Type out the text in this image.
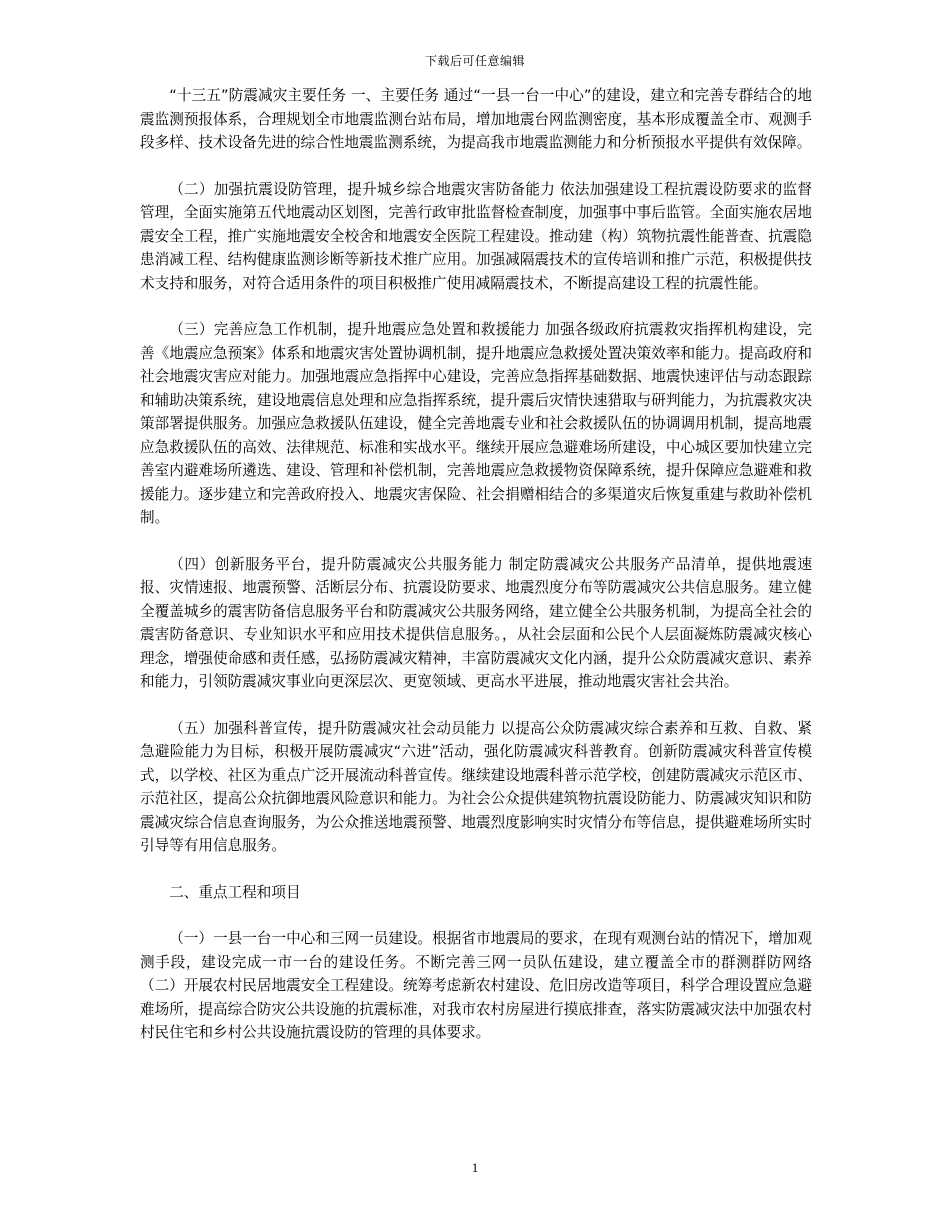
下载后可任意编辑

“十三五”防震减灾主要任务 一、主要任务 通过“一县一台一中心”的建设，建立和完善专群结合的地震监测预报体系，合理规划全市地震监测台站布局，增加地震台网监测密度，基本形成覆盖全市、观测手段多样、技术设备先进的综合性地震监测系统，为提高我市地震监测能力和分析预报水平提供有效保障。

（二）加强抗震设防管理，提升城乡综合地震灾害防备能力 依法加强建设工程抗震设防要求的监督管理，全面实施第五代地震动区划图，完善行政审批监督检查制度，加强事中事后监管。全面实施农居地震安全工程，推广实施地震安全校舍和地震安全医院工程建设。推动建（构）筑物抗震性能普查、抗震隐患消减工程、结构健康监测诊断等新技术推广应用。加强减隔震技术的宣传培训和推广示范，积极提供技术支持和服务，对符合适用条件的项目积极推广使用减隔震技术，不断提高建设工程的抗震性能。

（三）完善应急工作机制，提升地震应急处置和救援能力 加强各级政府抗震救灾指挥机构建设，完善《地震应急预案》体系和地震灾害处置协调机制，提升地震应急救援处置决策效率和能力。提高政府和社会地震灾害应对能力。加强地震应急指挥中心建设，完善应急指挥基础数据、地震快速评估与动态跟踪和辅助决策系统，建设地震信息处理和应急指挥系统，提升震后灾情快速猎取与研判能力，为抗震救灾决策部署提供服务。加强应急救援队伍建设，健全完善地震专业和社会救援队伍的协调调用机制，提高地震应急救援队伍的高效、法律规范、标准和实战水平。继续开展应急避难场所建设，中心城区要加快建立完善室内避难场所遴选、建设、管理和补偿机制，完善地震应急救援物资保障系统，提升保障应急避难和救援能力。逐步建立和完善政府投入、地震灾害保险、社会捐赠相结合的多渠道灾后恢复重建与救助补偿机制。

（四）创新服务平台，提升防震减灾公共服务能力 制定防震减灾公共服务产品清单，提供地震速报、灾情速报、地震预警、活断层分布、抗震设防要求、地震烈度分布等防震减灾公共信息服务。建立健全覆盖城乡的震害防备信息服务平台和防震减灾公共服务网络，建立健全公共服务机制，为提高全社会的震害防备意识、专业知识水平和应用技术提供信息服务。，从社会层面和公民个人层面凝炼防震减灾核心理念，增强使命感和责任感，弘扬防震减灾精神，丰富防震减灾文化内涵，提升公众防震减灾意识、素养和能力，引领防震减灾事业向更深层次、更宽领域、更高水平进展，推动地震灾害社会共治。

（五）加强科普宣传，提升防震减灾社会动员能力 以提高公众防震减灾综合素养和互救、自救、紧急避险能力为目标，积极开展防震减灾“六进”活动，强化防震减灾科普教育。创新防震减灾科普宣传模式，以学校、社区为重点广泛开展流动科普宣传。继续建设地震科普示范学校，创建防震减灾示范区市、示范社区，提高公众抗御地震风险意识和能力。为社会公众提供建筑物抗震设防能力、防震减灾知识和防震减灾综合信息查询服务，为公众推送地震预警、地震烈度影响实时灾情分布等信息，提供避难场所实时引导等有用信息服务。

二、重点工程和项目

（一）一县一台一中心和三网一员建设。根据省市地震局的要求，在现有观测台站的情况下，增加观测手段，建设完成一市一台的建设任务。不断完善三网一员队伍建设，建立覆盖全市的群测群防网络 （二）开展农村民居地震安全工程建设。统筹考虑新农村建设、危旧房改造等项目，科学合理设置应急避难场所，提高综合防灾公共设施的抗震标准，对我市农村房屋进行摸底排查，落实防震减灾法中加强农村村民住宅和乡村公共设施抗震设防的管理的具体要求。

1
